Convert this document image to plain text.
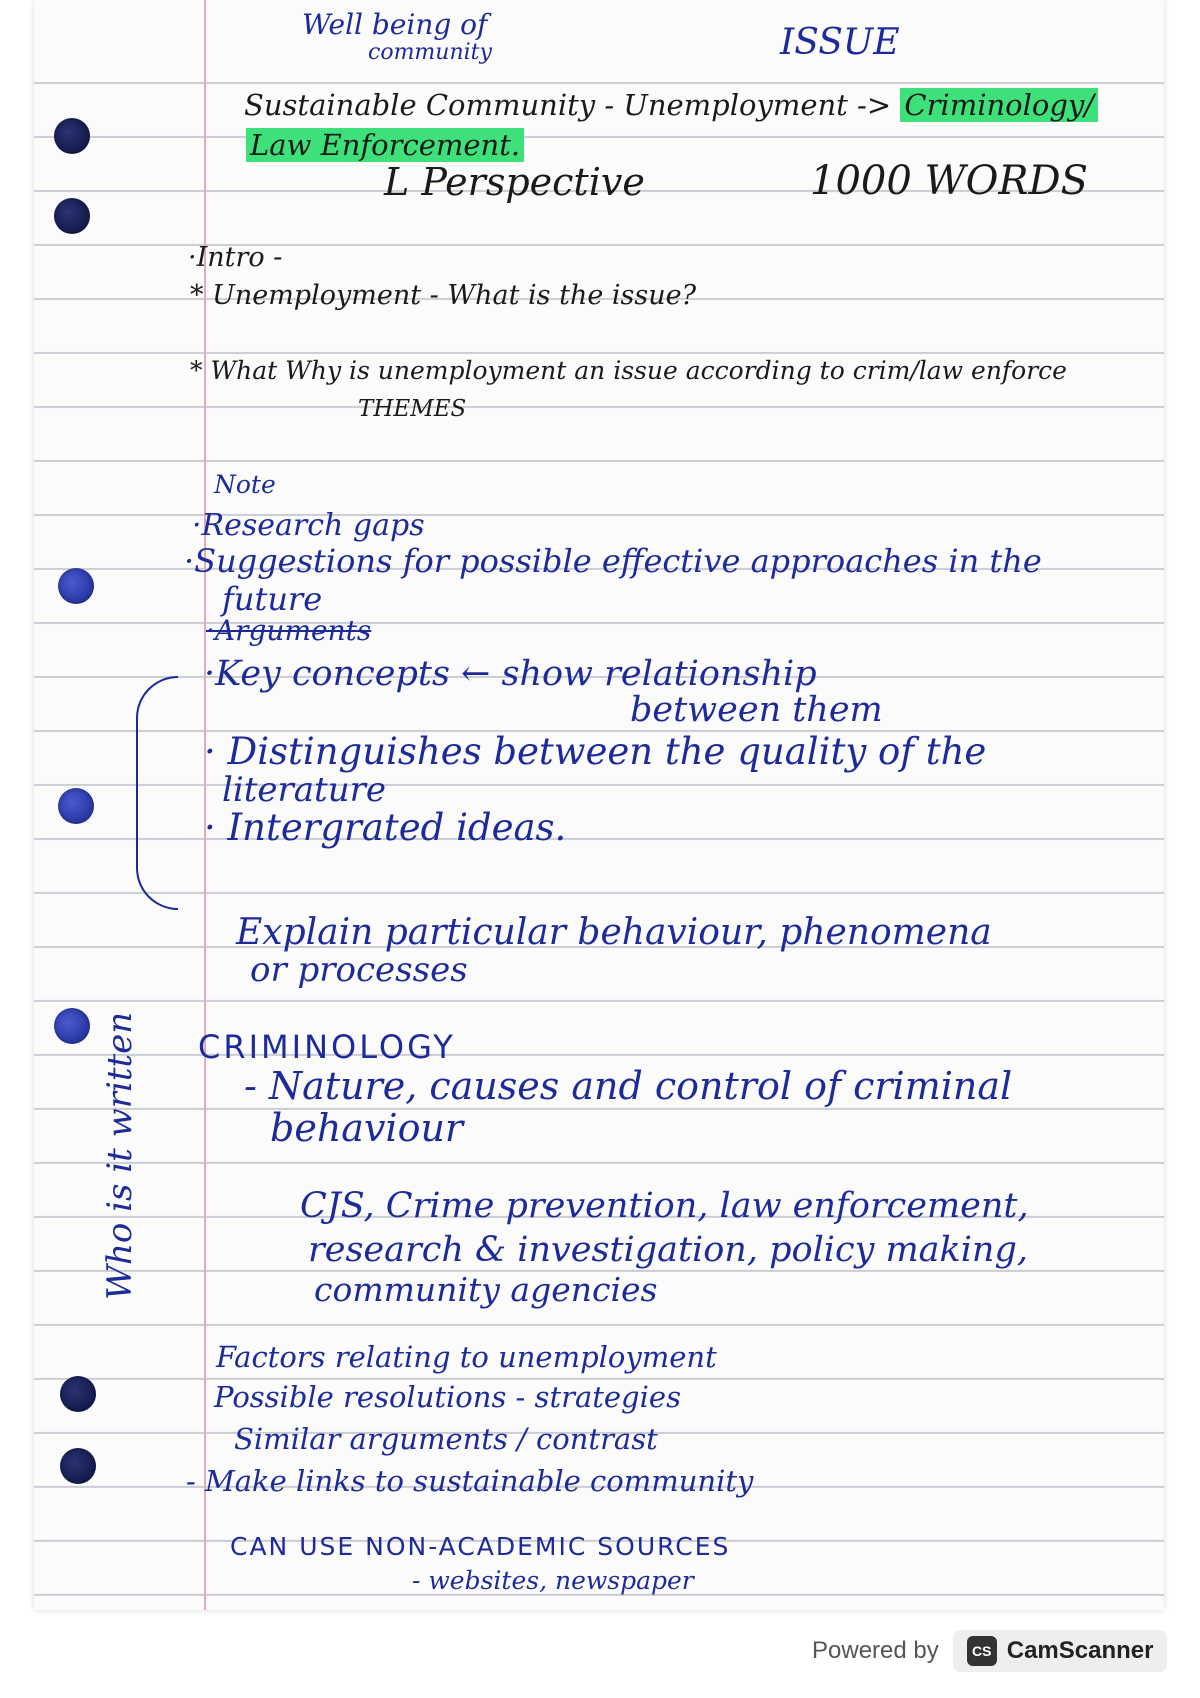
Well being of
community	ISSUE
Sustainable Community - Unemployment -> Criminology/
Law Enforcement.
L Perspective	1000 WORDS
·Intro -
* Unemployment - What is the issue?
* What Why is unemployment an issue according to crim/law enforce
THEMES
Note
·Research gaps
·Suggestions for possible effective approaches in the
future
·Arguments
·Key concepts ← show relationship
between them
· Distinguishes between the quality of the
literature
· Intergrated ideas.
Explain particular behaviour, phenomena
or processes
Who is it written CRIMINOLOGY
- Nature, causes and control of criminal
behaviour
CJS, Crime prevention, law enforcement,
research & investigation, policy making,
community agencies
Factors relating to unemployment
Possible resolutions - strategies
Similar arguments / contrast
- Make links to sustainable community
CAN USE NON-ACADEMIC SOURCES
- websites, newspaper
Powered by	CS CamScanner
